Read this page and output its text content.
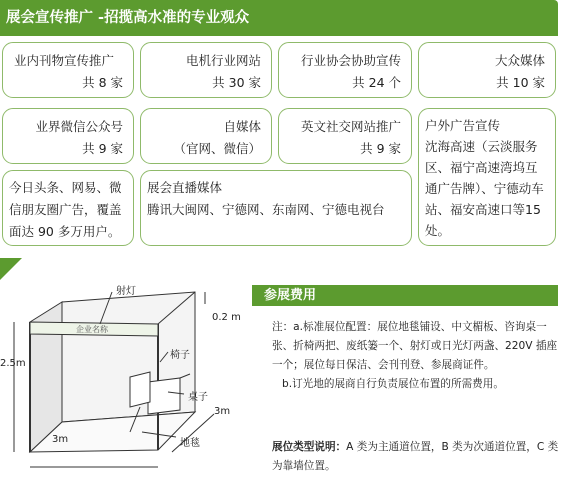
展会宣传推广 -招揽高水准的专业观众
业内刊物宣传推广
共 8 家
电机行业网站
共 30 家
行业协会协助宣传
共 24 个
大众媒体
共 10 家
业界微信公众号
共 9 家
自媒体
（官网、微信）
英文社交网站推广
共 9 家
户外广告宣传
沈海高速（云淡服务区、福宁高速湾坞互通广告牌）、宁德动车站、福安高速口等15处。
今日头条、网易、微信朋友圈广告，覆盖面达 90 多万用户。
展会直播媒体
腾讯大闽网、宁德网、东南网、宁德电视台
企业名称
射灯
0.2 m
2.5m
椅子
桌子
3m
3m
地毯
参展费用

注：a.标准展位配置：展位地毯铺设、中文楣板、咨询桌一张、折椅两把、废纸篓一个、射灯或日光灯两盏、220V 插座一个；展位每日保洁、会刊刊登、参展商证件。

b.订光地的展商自行负责展位布置的所需费用。

展位类型说明：A 类为主通道位置，B 类为次通道位置，C 类为靠墙位置。
